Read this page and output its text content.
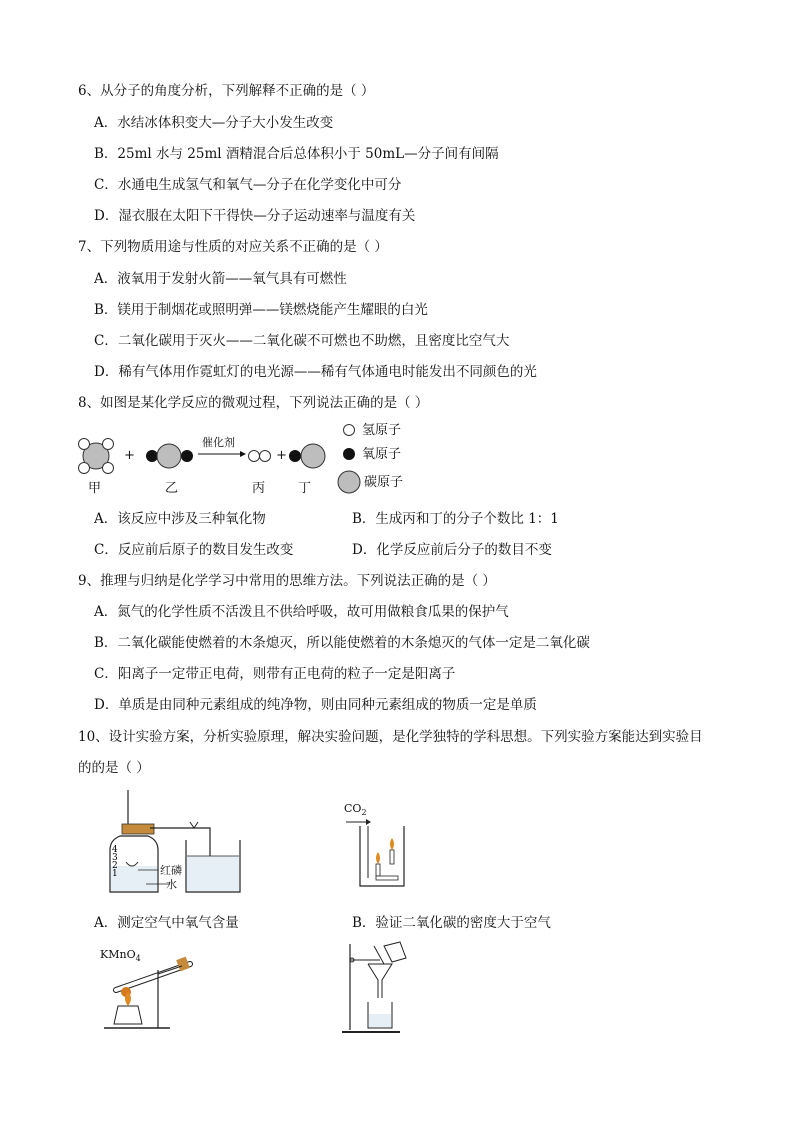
6、从分子的角度分析，下列解释不正确的是（ ）
A．水结冰体积变大—分子大小发生改变
B．25ml 水与 25ml 酒精混合后总体积小于 50mL—分子间有间隔
C．水通电生成氢气和氧气—分子在化学变化中可分
D．湿衣服在太阳下干得快—分子运动速率与温度有关
7、下列物质用途与性质的对应关系不正确的是（ ）
A．液氧用于发射火箭——氧气具有可燃性
B．镁用于制烟花或照明弹——镁燃烧能产生耀眼的白光
C．二氧化碳用于灭火——二氧化碳不可燃也不助燃，且密度比空气大
D．稀有气体用作霓虹灯的电光源——稀有气体通电时能发出不同颜色的光
8、如图是某化学反应的微观过程，下列说法正确的是（ ）
+
催化剂
+
甲	乙	丙	丁
氢原子
氧原子
碳原子
A．该反应中涉及三种氧化物	B．生成丙和丁的分子个数比 1：1
C．反应前后原子的数目发生改变	D．化学反应前后分子的数目不变
9、推理与归纳是化学学习中常用的思维方法。下列说法正确的是（ ）
A．氮气的化学性质不活泼且不供给呼吸，故可用做粮食瓜果的保护气
B．二氧化碳能使燃着的木条熄灭，所以能使燃着的木条熄灭的气体一定是二氧化碳
C．阳离子一定带正电荷，则带有正电荷的粒子一定是阳离子
D．单质是由同种元素组成的纯净物，则由同种元素组成的物质一定是单质
10、设计实验方案，分析实验原理，解决实验问题，是化学独特的学科思想。下列实验方案能达到实验目
的的是（ ）
4
3
2
1	红磷
水
$CO_2$
A．测定空气中氧气含量	B．验证二氧化碳的密度大于空气
KMnO$_4$
